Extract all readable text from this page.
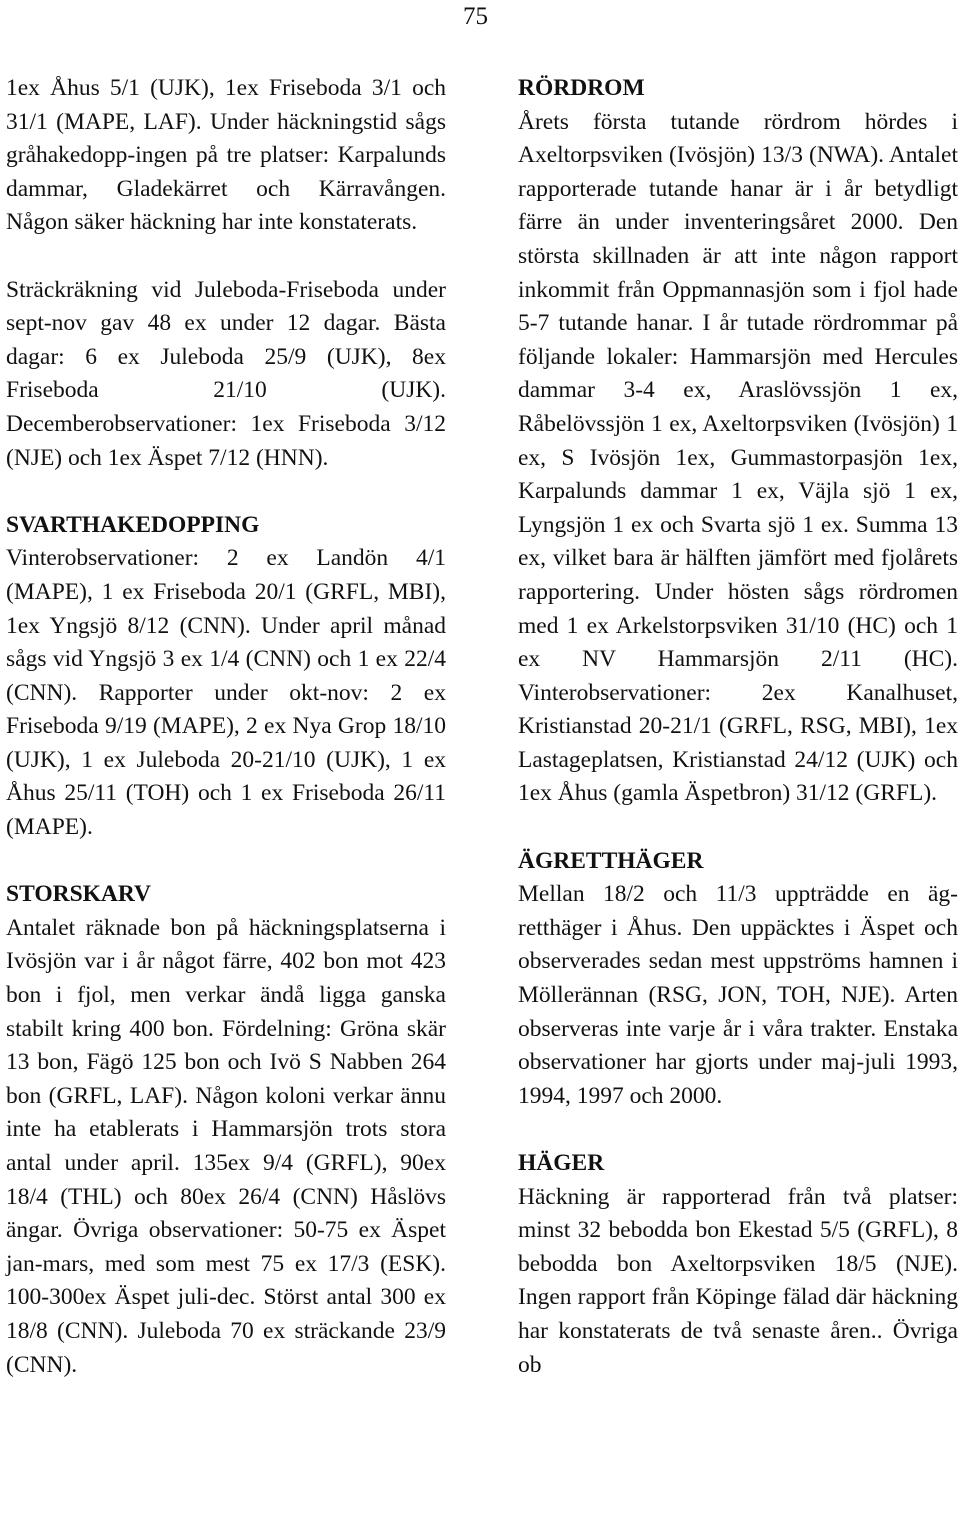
75

1ex Åhus 5/1 (UJK), 1ex Friseboda 3/1 och 31/1 (MAPE, LAF). Under häckningstid sågs gråhakedopp-ingen på tre platser: Karpalunds dammar, Gladekärret och Kärravången. Någon säker häckning har inte konstaterats.

Sträckräkning vid Juleboda-Friseboda under sept-nov gav 48 ex under 12 dagar. Bästa dagar: 6 ex Juleboda 25/9 (UJK), 8ex Friseboda 21/10 (UJK). Decemberobservationer: 1ex Friseboda 3/12 (NJE) och 1ex Äspet 7/12 (HNN).

SVARTHAKEDOPPING

Vinterobservationer: 2 ex Landön 4/1 (MAPE), 1 ex Friseboda 20/1 (GRFL, MBI), 1ex Yngsjö 8/12 (CNN). Under april månad sågs vid Yngsjö 3 ex 1/4 (CNN) och 1 ex 22/4 (CNN). Rapporter under okt-nov: 2 ex Friseboda 9/19 (MAPE), 2 ex Nya Grop 18/10 (UJK), 1 ex Juleboda 20-21/10 (UJK), 1 ex Åhus 25/11 (TOH) och 1 ex Friseboda 26/11 (MAPE).

STORSKARV

Antalet räknade bon på häckningsplatserna i Ivösjön var i år något färre, 402 bon mot 423 bon i fjol, men verkar ändå ligga ganska stabilt kring 400 bon. Fördelning: Gröna skär 13 bon, Fägö 125 bon och Ivö S Nabben 264 bon (GRFL, LAF). Någon koloni verkar ännu inte ha etablerats i Hammarsjön trots stora antal under april. 135ex 9/4 (GRFL), 90ex 18/4 (THL) och 80ex 26/4 (CNN) Håslövs ängar. Övriga observationer: 50-75 ex Äspet jan-mars, med som mest 75 ex 17/3 (ESK). 100-300ex Äspet juli-dec. Störst antal 300 ex 18/8 (CNN). Juleboda 70 ex sträckande 23/9 (CNN).

RÖRDROM

Årets första tutande rördrom hördes i Axeltorpsviken (Ivösjön) 13/3 (NWA). Antalet rapporterade tutande hanar är i år betydligt färre än under inventeringsåret 2000. Den största skillnaden är att inte någon rapport inkommit från Oppmannasjön som i fjol hade 5-7 tutande hanar. I år tutade rördrommar på följande lokaler: Hammarsjön med Hercules dammar 3-4 ex, Araslövssjön 1 ex, Råbelövssjön 1 ex, Axeltorpsviken (Ivösjön) 1 ex, S Ivösjön 1ex, Gummastorpasjön 1ex, Karpalunds dammar 1 ex, Väjla sjö 1 ex, Lyngsjön 1 ex och Svarta sjö 1 ex. Summa 13 ex, vilket bara är hälften jämfört med fjolårets rapportering. Under hösten sågs rördromen med 1 ex Arkelstorpsviken 31/10 (HC) och 1 ex NV Hammarsjön 2/11 (HC). Vinterobservationer: 2ex Kanalhuset, Kristianstad 20-21/1 (GRFL, RSG, MBI), 1ex Lastageplatsen, Kristianstad 24/12 (UJK) och 1ex Åhus (gamla Äspetbron) 31/12 (GRFL).

ÄGRETTHÄGER

Mellan 18/2 och 11/3 uppträdde en ägretthäger i Åhus. Den uppäcktes i Äspet och observerades sedan mest uppströms hamnen i Möllerännan (RSG, JON, TOH, NJE). Arten observeras inte varje år i våra trakter. Enstaka observationer har gjorts under maj-juli 1993, 1994, 1997 och 2000.

HÄGER

Häckning är rapporterad från två platser: minst 32 bebodda bon Ekestad 5/5 (GRFL), 8 bebodda bon Axeltorpsviken 18/5 (NJE). Ingen rapport från Köpinge fälad där häckning har konstaterats de två senaste åren.. Övriga ob
